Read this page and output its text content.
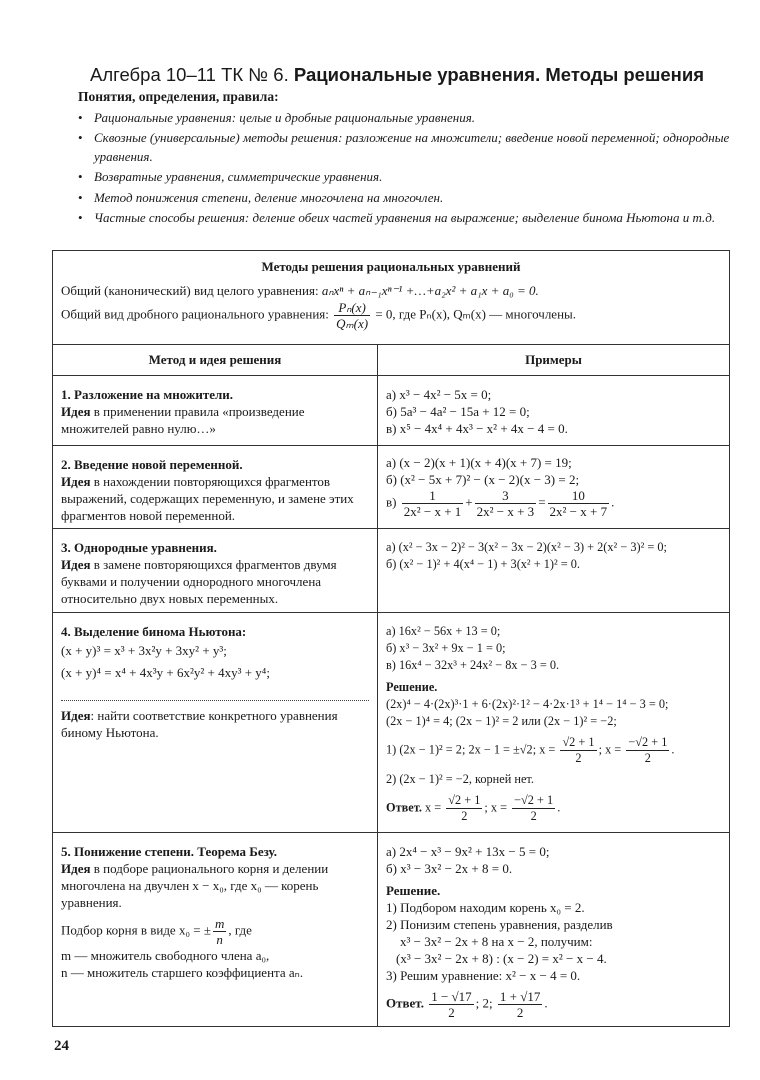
Алгебра 10–11 ТК № 6. Рациональные уравнения. Методы решения
Понятия, определения, правила:
• Рациональные уравнения: целые и дробные рациональные уравнения.
• Сквозные (универсальные) методы решения: разложение на множители; введение новой переменной; однородные уравнения.
• Возвратные уравнения, симметрические уравнения.
• Метод понижения степени, деление многочлена на многочлен.
• Частные способы решения: деление обеих частей уравнения на выражение; выделение бинома Ньютона и т.д.
Методы решения рациональных уравнений
Общий (канонический) вид целого уравнения: aₙxⁿ + aₙ₋₁xⁿ⁻¹ +…+a₂x² + a₁x + a₀ = 0.
Общий вид дробного рационального уравнения: $\frac{\text{Pₙ(x)}}{\text{Qₘ(x)}} = 0$, где Pₙ(x), Qₘ(x) — многочлены.
Метод и идея решения	Примеры
1. Разложение на множители.
Идея в применении правила «произведение множителей равно нулю…»
а) x³ − 4x² − 5x = 0;
б) 5a³ − 4a² − 15a + 12 = 0;
в) x⁵ − 4x⁴ + 4x³ − x² + 4x − 4 = 0.
2. Введение новой переменной.
Идея в нахождении повторяющихся фрагментов выражений, содержащих переменную, и замене этих фрагментов новой переменной.
а) (x − 2)(x + 1)(x + 4)(x + 7) = 19;
б) (x² − 5x + 7)² − (x − 2)(x − 3) = 2;
$в) \frac{1}{\text{2x² − x + 1}} + \frac{3}{\text{2x² − x + 3}} = \frac{10}{\text{2x² − x + 7}}$ .
3. Однородные уравнения.
Идея в замене повторяющихся фрагментов двумя буквами и получении однородного многочлена относительно двух новых переменных.
а) (x² − 3x − 2)² − 3(x² − 3x − 2)(x² − 3) + 2(x² − 3)² = 0;
б) (x² − 1)² + 4(x⁴ − 1) + 3(x² + 1)² = 0.
4. Выделение бинома Ньютона:
(x + y)³ = x³ + 3x²y + 3xy² + y³;
(x + y)⁴ = x⁴ + 4x³y + 6x²y² + 4xy³ + y⁴;
Идея: найти соответствие конкретного уравнения биному Ньютона.
а) 16x² − 56x + 13 = 0;
б) x³ − 3x² + 9x − 1 = 0;
в) 16x⁴ − 32x³ + 24x² − 8x − 3 = 0.
Решение.
(2x)⁴ − 4·(2x)³·1 + 6·(2x)²·1² − 4·2x·1³ + 1⁴ − 1⁴ − 3 = 0;
(2x − 1)⁴ = 4; (2x − 1)² = 2 или (2x − 1)² = −2;
1) (2x − 1)² = 2; 2x − 1 = ±√2; $x = \frac{√2 + 1}{2}$ ; $x = \frac{-√2 + 1}{2}$ .
2) (2x − 1)² = −2, корней нет.
Ответ. $x = \frac{√2 + 1}{2}$ ; $x = \frac{-√2 + 1}{2}$ .
5. Понижение степени. Теорема Безу.
Идея в подборе рационального корня и делении многочлена на двучлен x − x₀, где x₀ — корень уравнения.
Подбор корня в виде x₀ = ± $\frac{m}{n}$ , где
m — множитель свободного члена a₀,
n — множитель старшего коэффициента aₙ.
а) 2x⁴ − x³ − 9x² + 13x − 5 = 0;
б) x³ − 3x² − 2x + 8 = 0.
Решение.
1) Подбором находим корень x₀ = 2.
2) Понизим степень уравнения, разделив
x³ − 3x² − 2x + 8 на x − 2, получим:
(x³ − 3x² − 2x + 8) : (x − 2) = x² − x − 4.
3) Решим уравнение: x² − x − 4 = 0.
Ответ. $\frac{1 - √17}{2}$ ; 2; $\frac{1 + √17}{2}$ .
24
